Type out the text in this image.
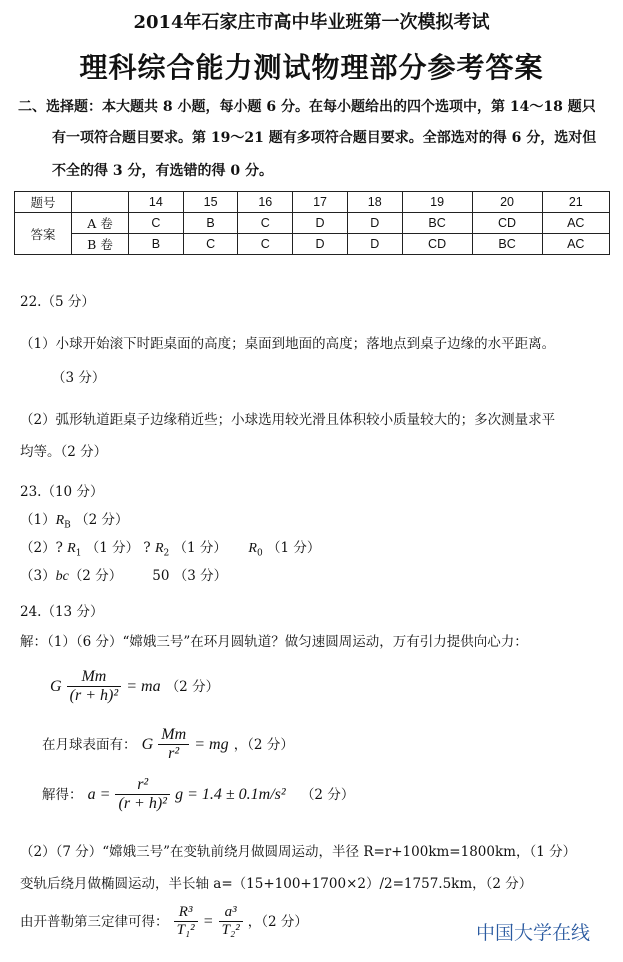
2014年石家庄市高中毕业班第一次模拟考试
理科综合能力测试物理部分参考答案
二、选择题：本大题共 8 小题，每小题 6 分。在每小题给出的四个选项中，第 14～18 题只
有一项符合题目要求。第 19～21 题有多项符合题目要求。全部选对的得 6 分，选对但
不全的得 3 分，有选错的得 0 分。
题号		14	15	16	17	18	19	20	21
答案	A 卷	C	B	C	D	D	BC	CD	AC
	B 卷	B	C	C	D	D	CD	BC	AC
22.（5 分）
（1）小球开始滚下时距桌面的高度；桌面到地面的高度；落地点到桌子边缘的水平距离。
（3 分）
（2）弧形轨道距桌子边缘稍近些；小球选用较光滑且体积较小质量较大的；多次测量求平
均等。（2 分）
23.（10 分）
$(1)R_B$ （2 分）
（2）? $R_1$ （1 分） ? $R_2$ （1 分） $R_0$ （1 分）
（3）bc（2 分） 50 （3 分）
24.（13 分）
解：（1）（6 分）“嫦娥三号”在环月圆轨道？做匀速圆周运动，万有引力提供向心力：
G $\frac{Mm}{\text{(r + h)²}}$ = ma （2 分）
在月球表面有： G $\frac{Mm}{\text{r²}}$ = mg ，（2 分）
解得： $a = \frac{\text{r²}}{\text{(r + h)²}}$ g = 1.4 ± 0.1m/s² （2 分）
（2）（7 分）“嫦娥三号”在变轨前绕月做圆周运动，半径 R=r+100km=1800km，（1 分）
变轨后绕月做椭圆运动，半长轴 a=（15+100+1700×2）/2=1757.5km，（2 分）
由开普勒第三定律可得： $\frac{\text{R³}}{\text{T₁²}} = \frac{\text{a³}}{\text{T₂²}}$ ，（2 分）	中国大学在线
